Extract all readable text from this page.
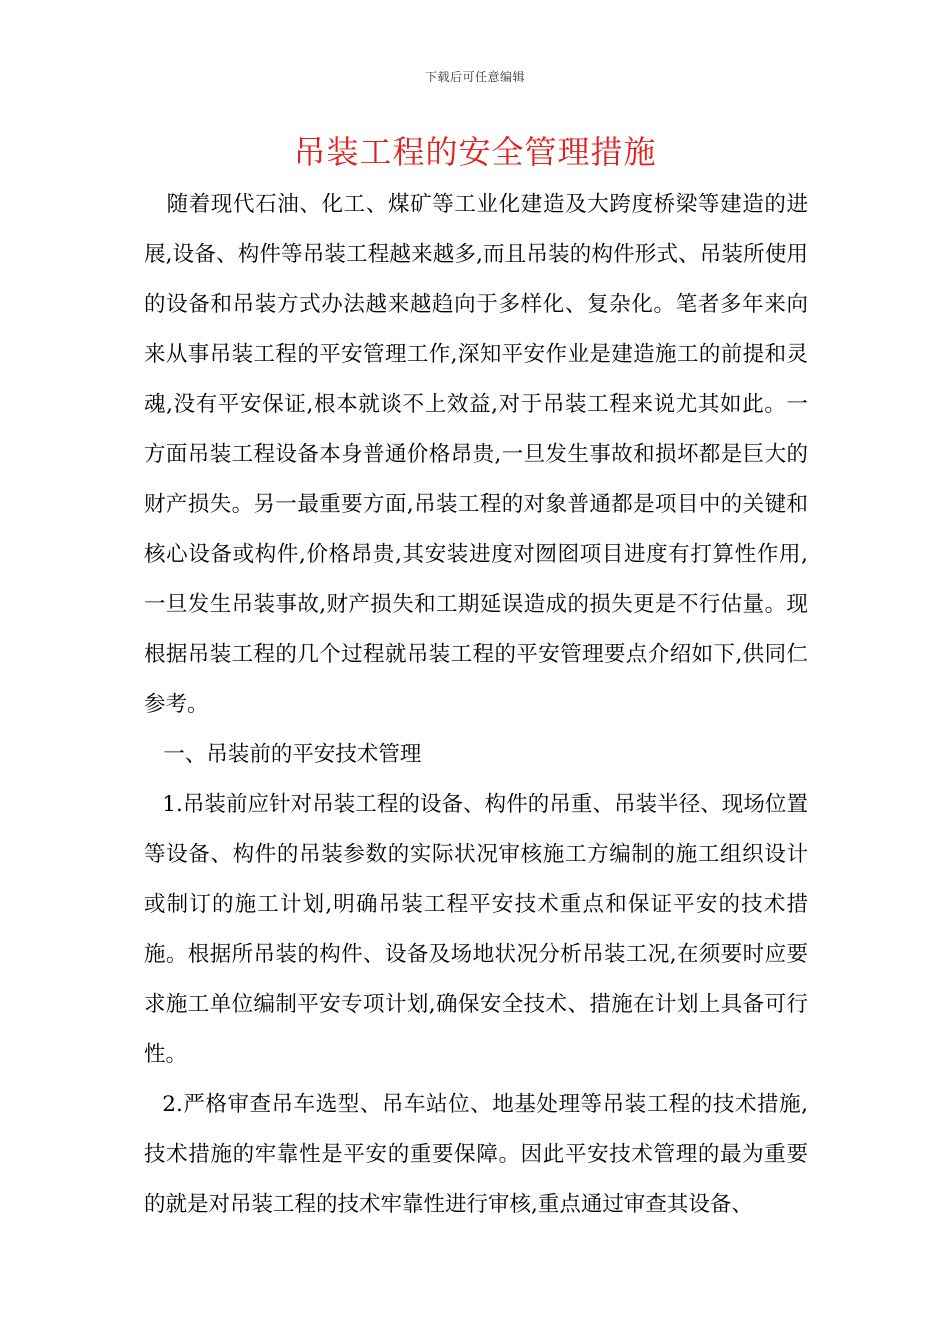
下载后可任意编辑
吊装工程的安全管理措施

随着现代石油、化工、煤矿等工业化建造及大跨度桥梁等建造的进展,设备、构件等吊装工程越来越多,而且吊装的构件形式、吊装所使用的设备和吊装方式办法越来越趋向于多样化、复杂化。笔者多年来向来从事吊装工程的平安管理工作,深知平安作业是建造施工的前提和灵魂,没有平安保证,根本就谈不上效益,对于吊装工程来说尤其如此。一方面吊装工程设备本身普通价格昂贵,一旦发生事故和损坏都是巨大的财产损失。另一最重要方面,吊装工程的对象普通都是项目中的关键和核心设备或构件,价格昂贵,其安装进度对囫囵项目进度有打算性作用,一旦发生吊装事故,财产损失和工期延误造成的损失更是不行估量。现根据吊装工程的几个过程就吊装工程的平安管理要点介绍如下,供同仁参考。

一、吊装前的平安技术管理

1.吊装前应针对吊装工程的设备、构件的吊重、吊装半径、现场位置等设备、构件的吊装参数的实际状况审核施工方编制的施工组织设计或制订的施工计划,明确吊装工程平安技术重点和保证平安的技术措施。根据所吊装的构件、设备及场地状况分析吊装工况,在须要时应要求施工单位编制平安专项计划,确保安全技术、措施在计划上具备可行性。

2.严格审查吊车选型、吊车站位、地基处理等吊装工程的技术措施,技术措施的牢靠性是平安的重要保障。因此平安技术管理的最为重要的就是对吊装工程的技术牢靠性进行审核,重点通过审查其设备、
